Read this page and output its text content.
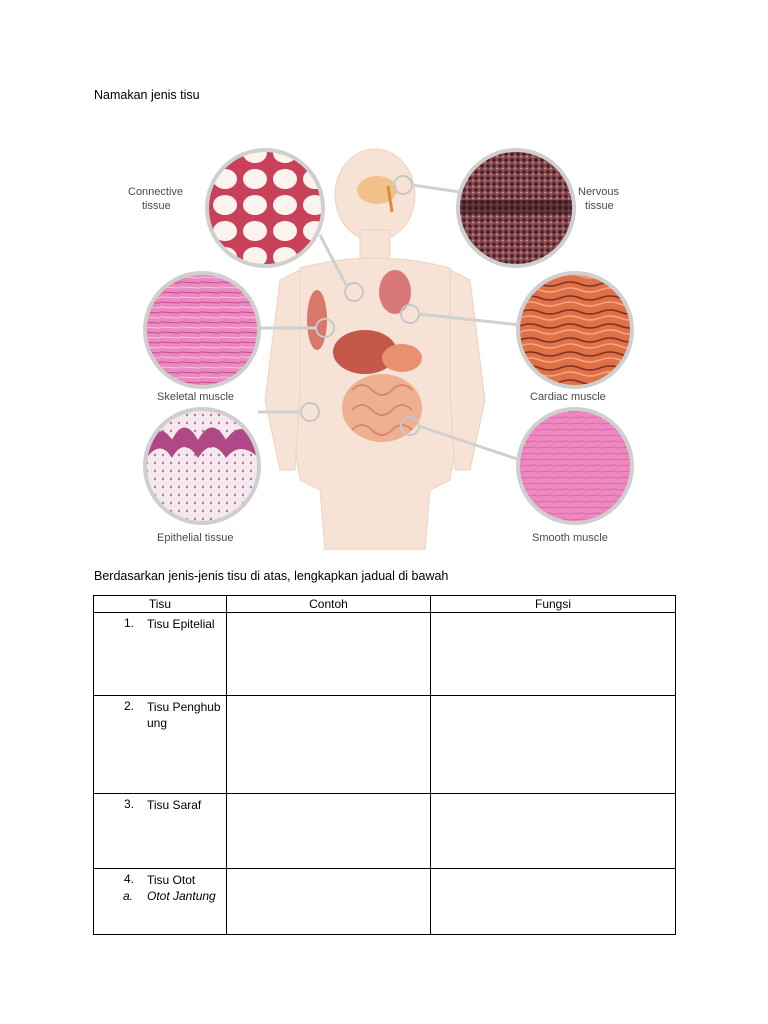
Namakan jenis tisu
Connective
tissue
Nervous
tissue
Skeletal muscle	Cardiac muscle
Epithelial tissue	Smooth muscle
Berdasarkan jenis-jenis tisu di atas, lengkapkan jadual di bawah
Tisu	Contoh	Fungsi

1. Tisu Epitelial		

2. Tisu Penghubung		

3. Tisu Saraf		

4. Tisu Otot
a. Otot Jantung		
